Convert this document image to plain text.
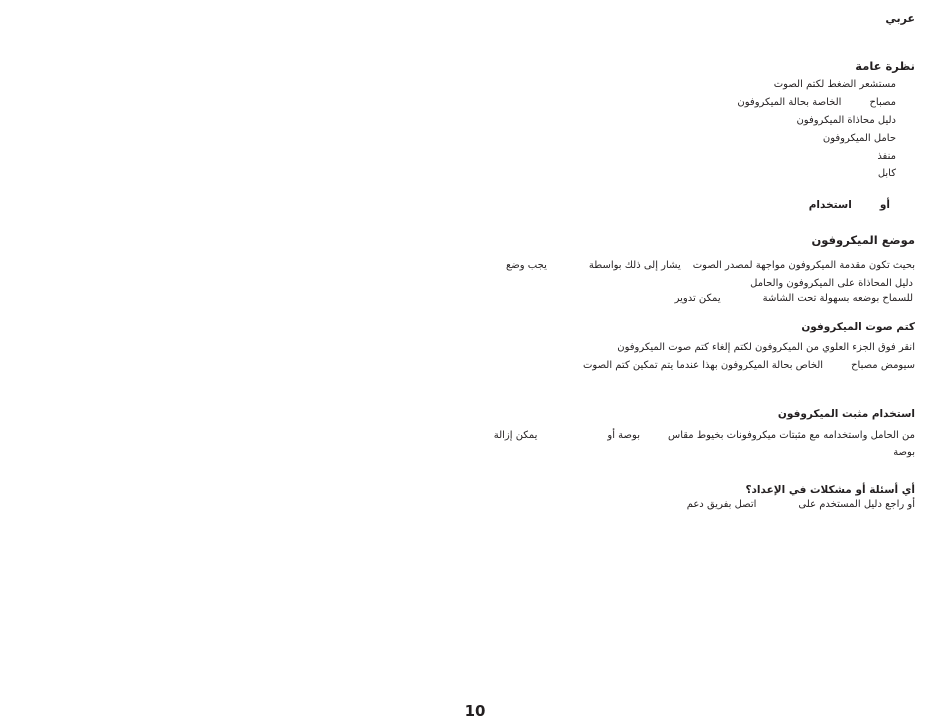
عربي
نظرة عامة
مستشعر الضغط لكتم الصوت
مصباحالخاصة بحالة الميكروفون
دليل محاذاة الميكروفون
حامل الميكروفون
منفذ
كابل
أواستخدام
موضع الميكروفون
بحيث تكون مقدمة الميكروفون مواجهة لمصدر الصوتيشار إلى ذلك بواسطةيجب وضع
دليل المحاذاة على الميكروفون والحامل
للسماح بوضعه بسهولة تحت الشاشةيمكن تدوير
كتم صوت الميكروفون
انقر فوق الجزء العلوي من الميكروفون لكتم إلغاء كتم صوت الميكروفون
سيومض مصباحالخاص بحالة الميكروفون بهذا عندما يتم تمكين كتم الصوت
استخدام مثبت الميكروفون
من الحامل واستخدامه مع مثبتات ميكروفونات بخيوط مقاسبوصة أويمكن إزالة
بوصة
أي أسئلة أو مشكلات في الإعداد؟
أو راجع دليل المستخدم علىاتصل بفريق دعم
10
